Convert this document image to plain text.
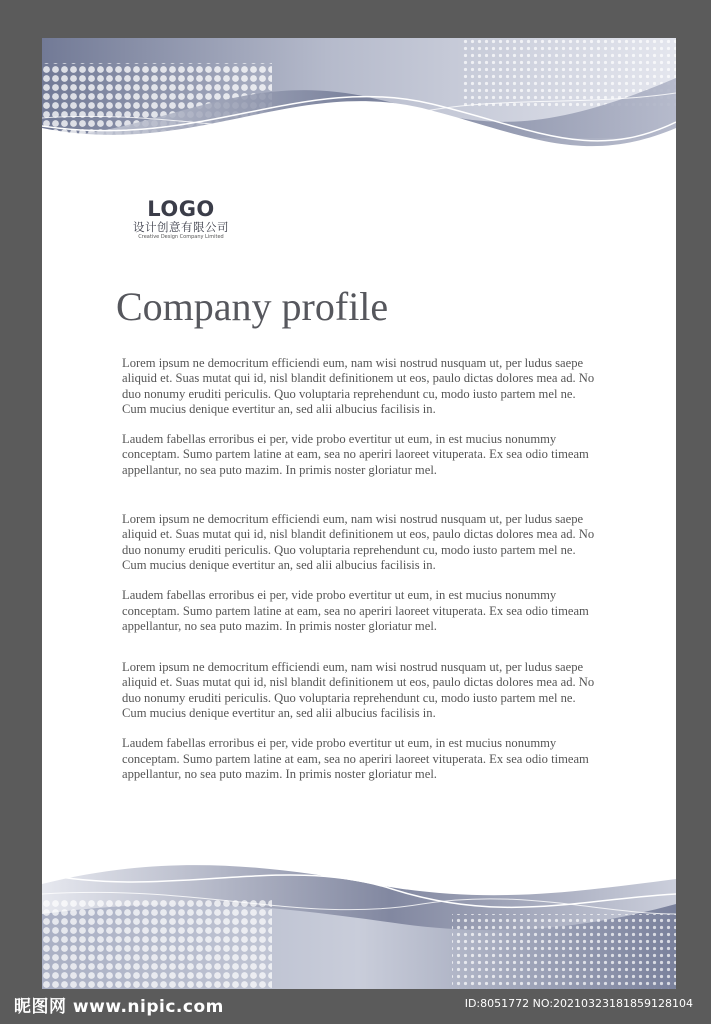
LOGO
设计创意有限公司
Creative Design Company Limited
Company profile

Lorem ipsum ne democritum efficiendi eum, nam wisi nostrud nusquam ut, per ludus saepe aliquid et. Suas mutat qui id, nisl blandit definitionem ut eos, paulo dictas dolores mea ad. No duo nonumy eruditi periculis. Quo voluptaria reprehendunt cu, modo iusto partem mel ne. Cum mucius denique evertitur an, sed alii albucius facilisis in.

Laudem fabellas erroribus ei per, vide probo evertitur ut eum, in est mucius nonummy conceptam. Sumo partem latine at eam, sea no aperiri laoreet vituperata. Ex sea odio timeam appellantur, no sea puto mazim. In primis noster gloriatur mel.

Lorem ipsum ne democritum efficiendi eum, nam wisi nostrud nusquam ut, per ludus saepe aliquid et. Suas mutat qui id, nisl blandit definitionem ut eos, paulo dictas dolores mea ad. No duo nonumy eruditi periculis. Quo voluptaria reprehendunt cu, modo iusto partem mel ne. Cum mucius denique evertitur an, sed alii albucius facilisis in.

Laudem fabellas erroribus ei per, vide probo evertitur ut eum, in est mucius nonummy conceptam. Sumo partem latine at eam, sea no aperiri laoreet vituperata. Ex sea odio timeam appellantur, no sea puto mazim. In primis noster gloriatur mel.

Lorem ipsum ne democritum efficiendi eum, nam wisi nostrud nusquam ut, per ludus saepe aliquid et. Suas mutat qui id, nisl blandit definitionem ut eos, paulo dictas dolores mea ad. No duo nonumy eruditi periculis. Quo voluptaria reprehendunt cu, modo iusto partem mel ne. Cum mucius denique evertitur an, sed alii albucius facilisis in.

Laudem fabellas erroribus ei per, vide probo evertitur ut eum, in est mucius nonummy conceptam. Sumo partem latine at eam, sea no aperiri laoreet vituperata. Ex sea odio timeam appellantur, no sea puto mazim. In primis noster gloriatur mel.

昵图网 www.nipic.com	ID:8051772 NO:20210323181859128104
